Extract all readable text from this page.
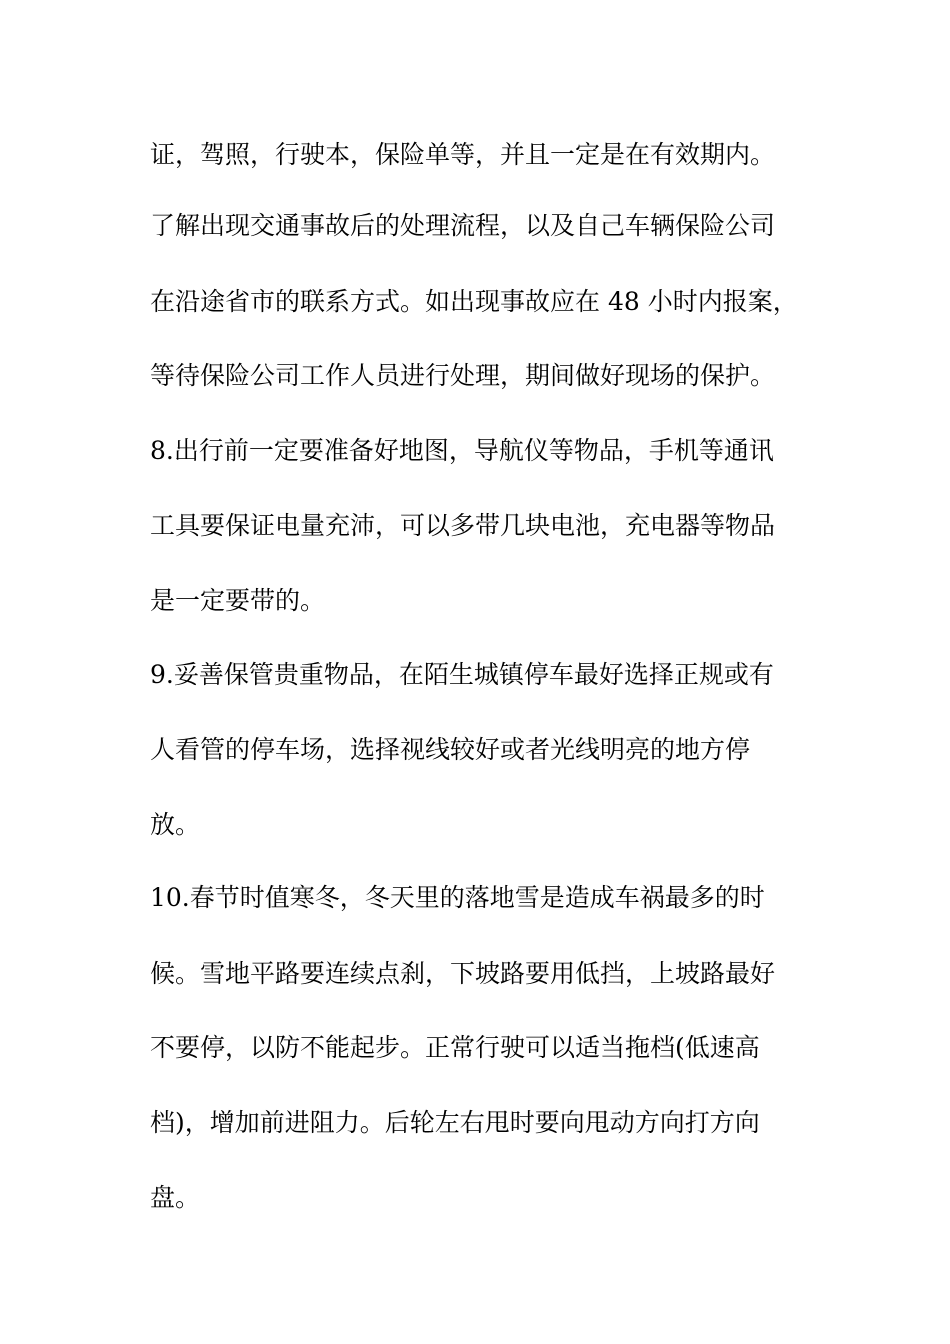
证，驾照，行驶本，保险单等，并且一定是在有效期内。
了解出现交通事故后的处理流程，以及自己车辆保险公司
在沿途省市的联系方式。如出现事故应在 48 小时内报案，
等待保险公司工作人员进行处理，期间做好现场的保护。
8.出行前一定要准备好地图，导航仪等物品，手机等通讯
工具要保证电量充沛，可以多带几块电池，充电器等物品
是一定要带的。
9.妥善保管贵重物品，在陌生城镇停车最好选择正规或有
人看管的停车场，选择视线较好或者光线明亮的地方停
放。
10.春节时值寒冬，冬天里的落地雪是造成车祸最多的时
候。雪地平路要连续点刹，下坡路要用低挡，上坡路最好
不要停，以防不能起步。正常行驶可以适当拖档(低速高
档)，增加前进阻力。后轮左右甩时要向甩动方向打方向
盘。
